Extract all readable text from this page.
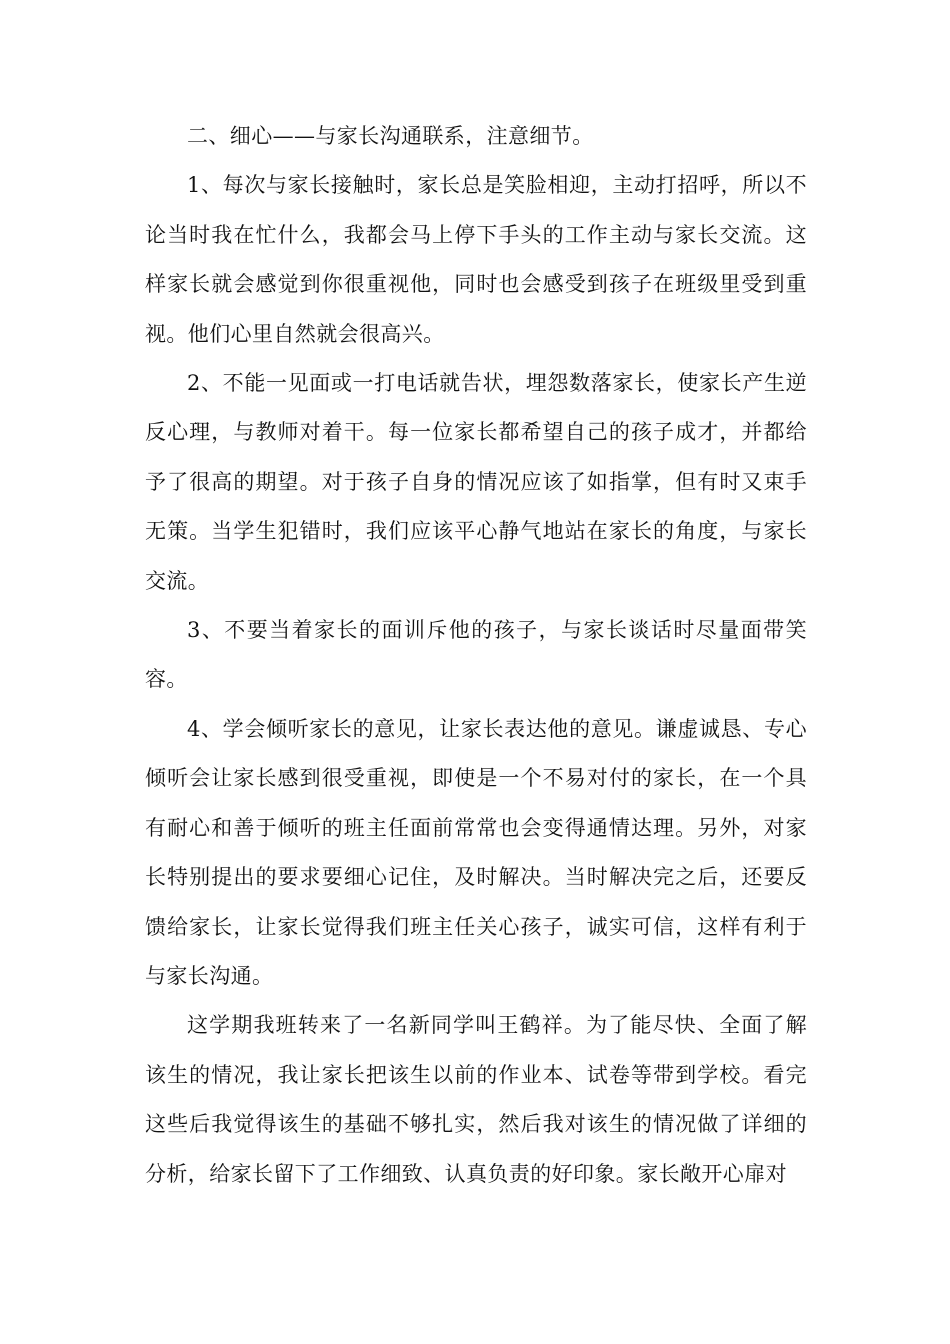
二、细心——与家长沟通联系，注意细节。

1、每次与家长接触时，家长总是笑脸相迎，主动打招呼，所以不论当时我在忙什么，我都会马上停下手头的工作主动与家长交流。这样家长就会感觉到你很重视他，同时也会感受到孩子在班级里受到重视。他们心里自然就会很高兴。

2、不能一见面或一打电话就告状，埋怨数落家长，使家长产生逆反心理，与教师对着干。每一位家长都希望自己的孩子成才，并都给予了很高的期望。对于孩子自身的情况应该了如指掌，但有时又束手无策。当学生犯错时，我们应该平心静气地站在家长的角度，与家长交流。

3、不要当着家长的面训斥他的孩子，与家长谈话时尽量面带笑容。

4、学会倾听家长的意见，让家长表达他的意见。谦虚诚恳、专心倾听会让家长感到很受重视，即使是一个不易对付的家长，在一个具有耐心和善于倾听的班主任面前常常也会变得通情达理。另外，对家长特别提出的要求要细心记住，及时解决。当时解决完之后，还要反馈给家长，让家长觉得我们班主任关心孩子，诚实可信，这样有利于与家长沟通。

这学期我班转来了一名新同学叫王鹤祥。为了能尽快、全面了解该生的情况，我让家长把该生以前的作业本、试卷等带到学校。看完这些后我觉得该生的基础不够扎实，然后我对该生的情况做了详细的分析，给家长留下了工作细致、认真负责的好印象。家长敞开心扉对
